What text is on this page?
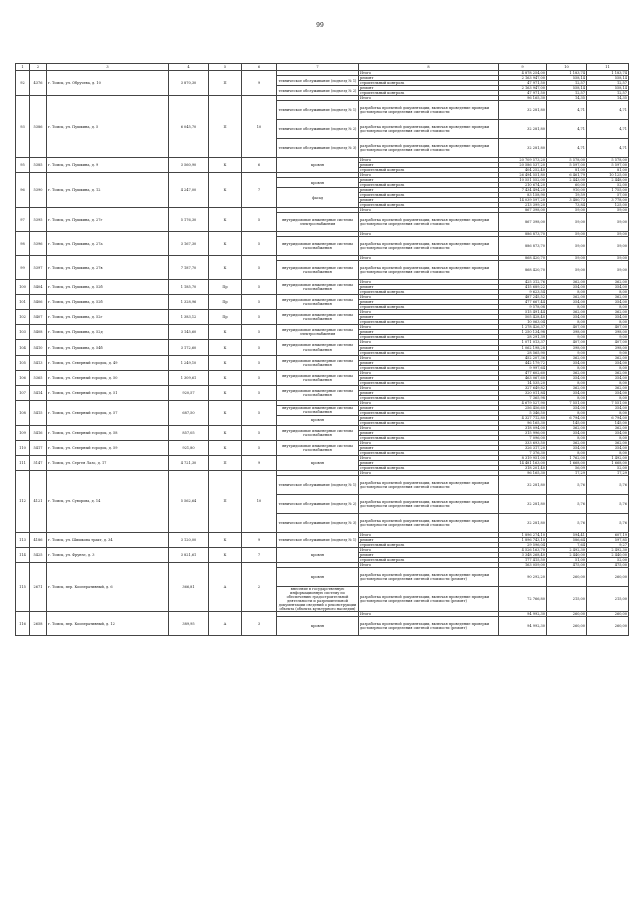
99
1	2	3	4	5	6	7	8	9	10	11
92	4376	г. Томск, ул. Обручева, д. 10	3 870,30	П	9		Итого	4 878 254,00	1 183,74	1 183,74
						техническое обслуживание (подъезд № 1)	ремонт	2 163 947,00	558,14	558,14
							строительный контроль	47 971,50	12,57	12,57
						техническое обслуживание (подъезд № 2)	ремонт	2 163 947,00	558,14	558,14
							строительный контроль	47 971,50	12,57	12,57
93	5386	г. Томск, ул. Пушкина, д. 5	6 045,70	П	10		Итого	96 165,30	14,35	14,35
						техническое обслуживание (подъезд № 1)	разработка проектной документации, включая проведение проверки достоверности определения сметной стоимости	32 281,80	4,71	4,71
						техническое обслуживание (подъезд № 2)	разработка проектной документации, включая проведение проверки достоверности определения сметной стоимости	32 281,80	4,71	4,71
						техническое обслуживание (подъезд № 3)	разработка проектной документации, включая проведение проверки достоверности определения сметной стоимости	32 281,80	4,71	4,71
95	5385	г. Томск, ул. Пушкина, д. 9	3 560,90	К	6	кровля	Итого	20 709 573,20	5 578,00	5 578,00
							ремонт	20 586 537,20	5 597,00	5 597,00
							строительный контроль	404 252,40	81,00	81,00
96	5390	г. Томск, ул. Пушкина, д. 12	4 247,00	К	7		Итого	26 494 551,80	6 461,79	10 125,00
						кровля	ремонт	10 551 552,00	2 443,00	2 448,00
							строительный контроль	210 674,20	60,00	52,00
						фасад	ремонт	7 434 494,20	910,00	1 755,00
							строительный контроль	83 158,90	19,59	57,00
							ремонт	14 039 597,20	3 480,73	3 778,00
							строительный контроль	213 399,20	73,84	125,00
97	5395	г. Томск, ул. Пушкина, д. 27г	5 176,30	К	5		Итого	867 398,00	59,00	59,00
						внутридомовые инженерные системы электроснабжения	разработка проектной документации, включая проведение проверки достоверности определения сметной стоимости	867 398,00	59,00	59,00
98	5396	г. Томск, ул. Пушкина, д. 27а	3 167,30	К	5		Итого	886 873,70	59,00	59,00
						внутридомовые инженерные системы газоснабжения	разработка проектной документации, включая проведение проверки достоверности определения сметной стоимости	886 873,70	59,00	59,00
99	5397	г. Томск, ул. Пушкина, д. 27в	7 187,70	К	5		Итого	868 420,70	59,00	59,00
						внутридомовые инженерные системы газоснабжения	разработка проектной документации, включая проведение проверки достоверности определения сметной стоимости	868 420,70	59,00	59,00
100	5404	г. Томск, ул. Пушкина, д. 52б	1 185,70	Пр	5	внутридомовые инженерные системы газоснабжения	Итого	425 312,76	362,00	362,00
							ремонт	415 689,22	354,00	354,00
							строительный контроль	9 623,54	8,00	8,00
101	5406	г. Томск, ул. Пушкина, д. 52б	1 328,96	Пр	5	внутридомовые инженерные системы газоснабжения	Итого	487 245,52	362,00	362,00
							ремонт	477 667,44	354,00	354,00
							строительный контроль	9 578,08	8,00	8,00
102	5407	г. Томск, ул. Пушкина, д. 52г	1 383,12	Пр	5	внутридомовые инженерные системы газоснабжения	Итого	515 491,44	362,00	362,00
							ремонт	505 428,40	354,00	354,00
							строительный контроль	10 063,04	8,00	8,00
103	5408	г. Томск, ул. Пушкина, д. 52д	3 145,60	К	5	внутридомовые инженерные системы электроснабжения	Итого	1 278 426,37	407,00	407,00
							ремонт	1 250 134,98	398,00	398,00
							строительный контроль	28 291,39	9,00	9,00
104	5410	г. Томск, ул. Пушкина, д. 54б	3 172,60	К	5	внутридомовые инженерные системы газоснабжения	Итого	1 071 013,37	407,00	407,00
							ремонт	1 062 198,28	398,00	398,00
							строительный контроль	28 565,90	9,00	9,00
105	5413	г. Томск, ул. Северный городок, д. 49	1 249,10	К	5	внутридомовые инженерные системы газоснабжения	Итого	452 207,36	362,00	362,00
							ремонт	442 179,72	354,00	354,00
							строительный контроль	9 997,64	8,00	8,00
106	5365	г. Томск, ул. Северный городок, д. 50	1 309,61	К	5	внутридомовые инженерные системы газоснабжения	Итого	477 602,60	362,00	362,00
							ремонт	463 067,60	354,00	354,00
							строительный контроль	14 535,20	8,00	8,00
107	5414	г. Томск, ул. Северный городок, д. 51	920,57	К	5	внутридомовые инженерные системы газоснабжения	Итого	327 649,82	362,00	362,00
							ремонт	320 011,84	354,00	354,00
							строительный контроль	7 365,98	8,00	8,00
108	5415	г. Томск, ул. Северный городок, д. 57	687,50	К	5		Итого	4 679 527,90	7 551,00	7 551,00
						внутридомовые инженерные системы газоснабжения	ремонт	256 456,60	354,00	354,00
							строительный контроль	5 346,50	8,00	8,00
						кровля	ремонт	4 327 712,80	6 794,00	6 794,00
							строительный контроль	96 165,30	145,00	145,00
109	5416	г. Томск, ул. Северный городок, д. 58	857,05	К	5	внутридомовые инженерные системы газоснабжения	Итого	318 094,00	362,00	362,00
							ремонт	315 996,00	354,00	354,00
							строительный контроль	7 096,00	8,00	8,00
110	5417	г. Томск, ул. Северный городок, д. 59	921,80	К	5	внутридомовые инженерные системы газоснабжения	Итого	333 693,50	362,00	362,00
							ремонт	326 317,20	354,00	354,00
							строительный контроль	7 376,30	8,00	8,00
111	5147	г. Томск, ул. Сергея Лазо, д. 17	4 721,30	П	9	кровля	Итого	8 319 951,00	1 762,00	1 492,00
							ремонт	14 481 163,00	1 668,00	1 668,00
							строительный контроль	318 201,40	56,09	52,00
112	4121	г. Томск, ул. Суворова, д. 14	5 562,64	П	10		Итого	96 165,30	17,29	17,29
						техническое обслуживание (подъезд № 1)	разработка проектной документации, включая проведение проверки достоверности определения сметной стоимости	32 281,80	5,76	5,76
						техническое обслуживание (подъезд № 2)	разработка проектной документации, включая проведение проверки достоверности определения сметной стоимости	32 281,80	5,76	5,76
						техническое обслуживание (подъезд № 3)	разработка проектной документации, включая проведение проверки достоверности определения сметной стоимости	32 281,80	5,76	5,76
113	4186	г. Томск, ул. Шишкова тракт, д. 34	3 120,00	К	9	техническое обслуживание (подъезд № 1)	Итого	1 896 274,10	594,41	607,19
							ремонт	1 896 743,10	586,64	597,85
							строительный контроль	29 596,04	7,64	9,27
114	5425	г. Томск, ул. Фрунзе, д. 3	3 821,61	К	7	кровля	Итого	4 526 163,70	2 492,30	2 492,30
							ремонт	3 348 268,40	2 440,00	2 440,00
							строительный контроль	177 415,50	51,00	52,00
115	2671	г. Томск, пер. Кооперативный, д. 6	366,81	А	2		Итого	163 059,00	475,00	475,00
						кровля	разработка проектной документации, включая проведение проверки достоверности определения сметной стоимости (ремонт)	90 292,20	260,00	260,00
						внесение в государственную информационную систему по обеспечению градостроительной деятельности и разрешительной документации сведений о реконструкции объекта (объекта культурного наследия)	разработка проектной документации, включая проведение проверки достоверности определения сметной стоимости (ремонт)	72 766,80	215,00	215,00
116	2658	г. Томск, пер. Кооперативный, д. 12	389,95	А	3		Итого	94 992,30	260,00	260,00
						кровля	разработка проектной документации, включая проведение проверки достоверности определения сметной стоимости (ремонт)	94 992,30	260,00	260,00
